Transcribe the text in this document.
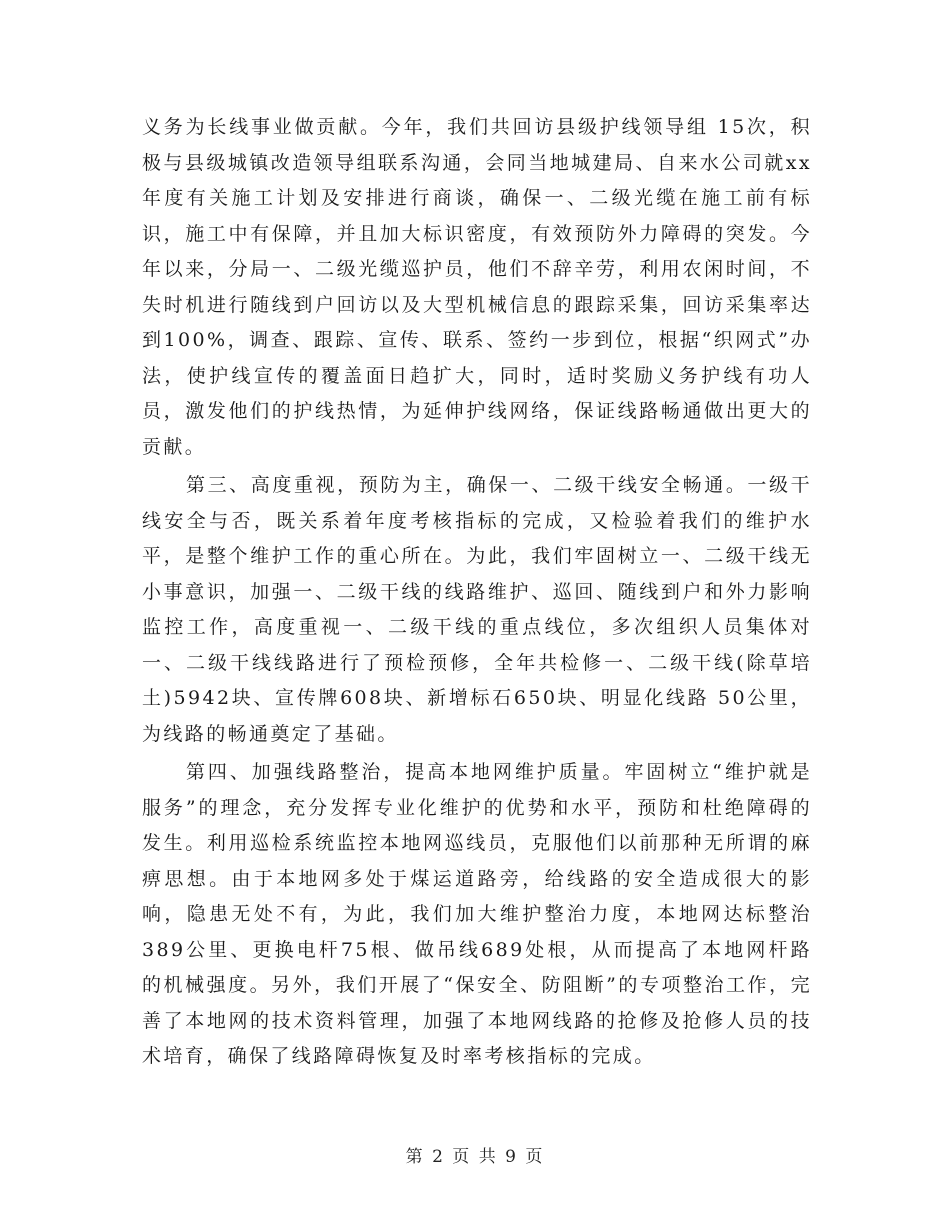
义务为长线事业做贡献。今年，我们共回访县级护线领导组 15次，积极与县级城镇改造领导组联系沟通，会同当地城建局、自来水公司就xx年度有关施工计划及安排进行商谈，确保一、二级光缆在施工前有标识，施工中有保障，并且加大标识密度，有效预防外力障碍的突发。今年以来，分局一、二级光缆巡护员，他们不辞辛劳，利用农闲时间，不失时机进行随线到户回访以及大型机械信息的跟踪采集，回访采集率达到100%，调查、跟踪、宣传、联系、签约一步到位，根据“织网式”办法，使护线宣传的覆盖面日趋扩大，同时，适时奖励义务护线有功人员，激发他们的护线热情，为延伸护线网络，保证线路畅通做出更大的贡献。

第三、高度重视，预防为主，确保一、二级干线安全畅通。一级干线安全与否，既关系着年度考核指标的完成，又检验着我们的维护水平，是整个维护工作的重心所在。为此，我们牢固树立一、二级干线无小事意识，加强一、二级干线的线路维护、巡回、随线到户和外力影响监控工作，高度重视一、二级干线的重点线位，多次组织人员集体对一、二级干线线路进行了预检预修，全年共检修一、二级干线(除草培土)5942块、宣传牌608块、新增标石650块、明显化线路 50公里，为线路的畅通奠定了基础。

第四、加强线路整治，提高本地网维护质量。牢固树立“维护就是服务”的理念，充分发挥专业化维护的优势和水平，预防和杜绝障碍的发生。利用巡检系统监控本地网巡线员，克服他们以前那种无所谓的麻痹思想。由于本地网多处于煤运道路旁，给线路的安全造成很大的影响，隐患无处不有，为此，我们加大维护整治力度，本地网达标整治389公里、更换电杆75根、做吊线689处根，从而提高了本地网杆路的机械强度。另外，我们开展了“保安全、防阻断”的专项整治工作，完善了本地网的技术资料管理，加强了本地网线路的抢修及抢修人员的技术培育，确保了线路障碍恢复及时率考核指标的完成。

第 2 页 共 9 页
